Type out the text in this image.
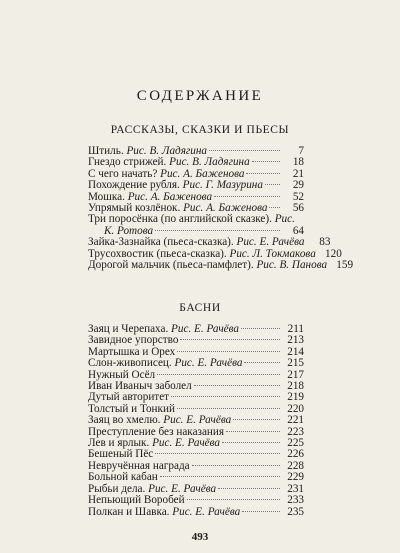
СОДЕРЖАНИЕ
РАССКАЗЫ, СКАЗКИ И ПЬЕСЫ
Штиль. Рис. В. Ладягина	7
Гнездо стрижей. Рис. В. Ладягина	18
С чего начать? Рис. А. Баженова	21
Похождение рубля. Рис. Г. Мазурина	29
Мошка. Рис. А. Баженова	52
Упрямый козлёнок. Рис. А. Баженова	56
Три поросёнка (по английской сказке). Рис.
К. Ротова	64
Зайка-Зазнайка (пьеса-сказка). Рис. Е. Рачёва	83
Трусохвостик (пьеса-сказка). Рис. Л. Токмакова 120
Дорогой мальчик (пьеса-памфлет). Рис. В. Панова 159
БАСНИ
Заяц и Черепаха. Рис. Е. Рачёва	211
Завидное упорство	213
Мартышка и Орех	214
Слон-живописец. Рис. Е. Рачёва	215
Нужный Осёл	217
Иван Иваныч заболел	218
Дутый авторитет	219
Толстый и Тонкий	220
Заяц во хмелю. Рис. Е. Рачёва	221
Преступление без наказания	223
Лев и ярлык. Рис. Е. Рачёва	225
Бешеный Пёс	226
Невручённая награда	228
Больной кабан	229
Рыбьи дела. Рис. Е. Рачёва	231
Непьющий Воробей	233
Полкан и Шавка. Рис. Е. Рачёва	235
493
